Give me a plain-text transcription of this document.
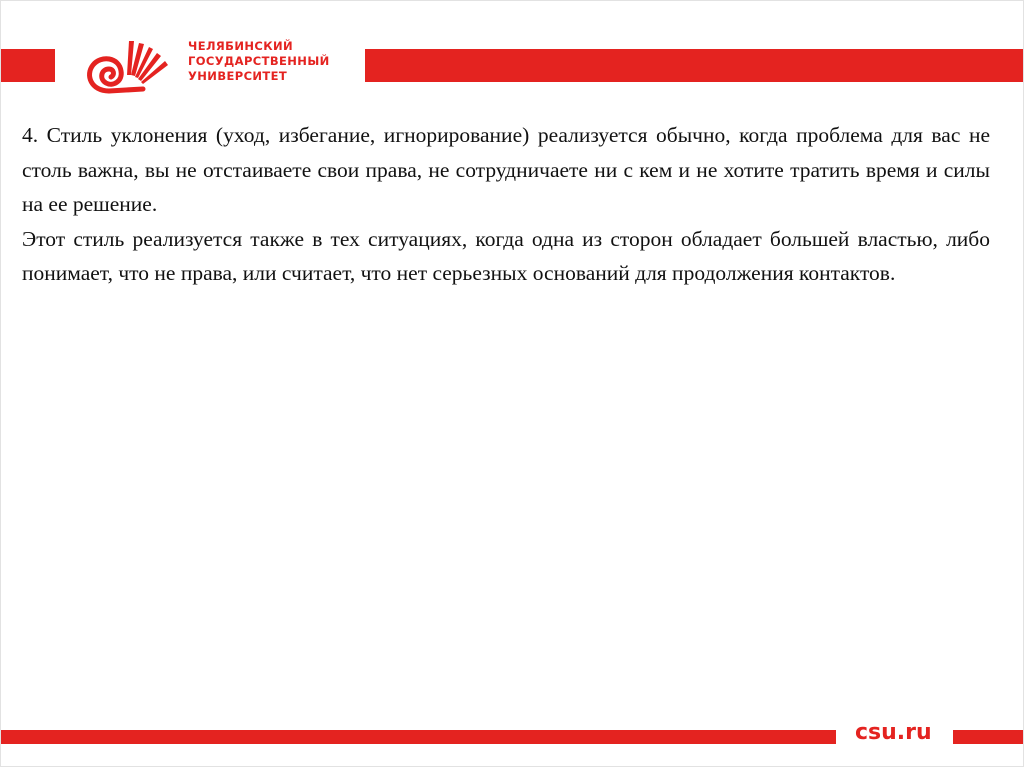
ЧЕЛЯБИНСКИЙ
ГОСУДАРСТВЕННЫЙ
УНИВЕРСИТЕТ

4. Стиль уклонения (уход, избегание, игнорирование) реализуется обычно, когда проблема для вас не столь важна, вы не отстаиваете свои права, не сотрудничаете ни с кем и не хотите тратить время и силы на ее решение.

Этот стиль реализуется также в тех ситуациях, когда одна из сторон обладает большей властью, либо понимает, что не права, или считает, что нет серьезных оснований для продолжения контактов.

csu.ru
